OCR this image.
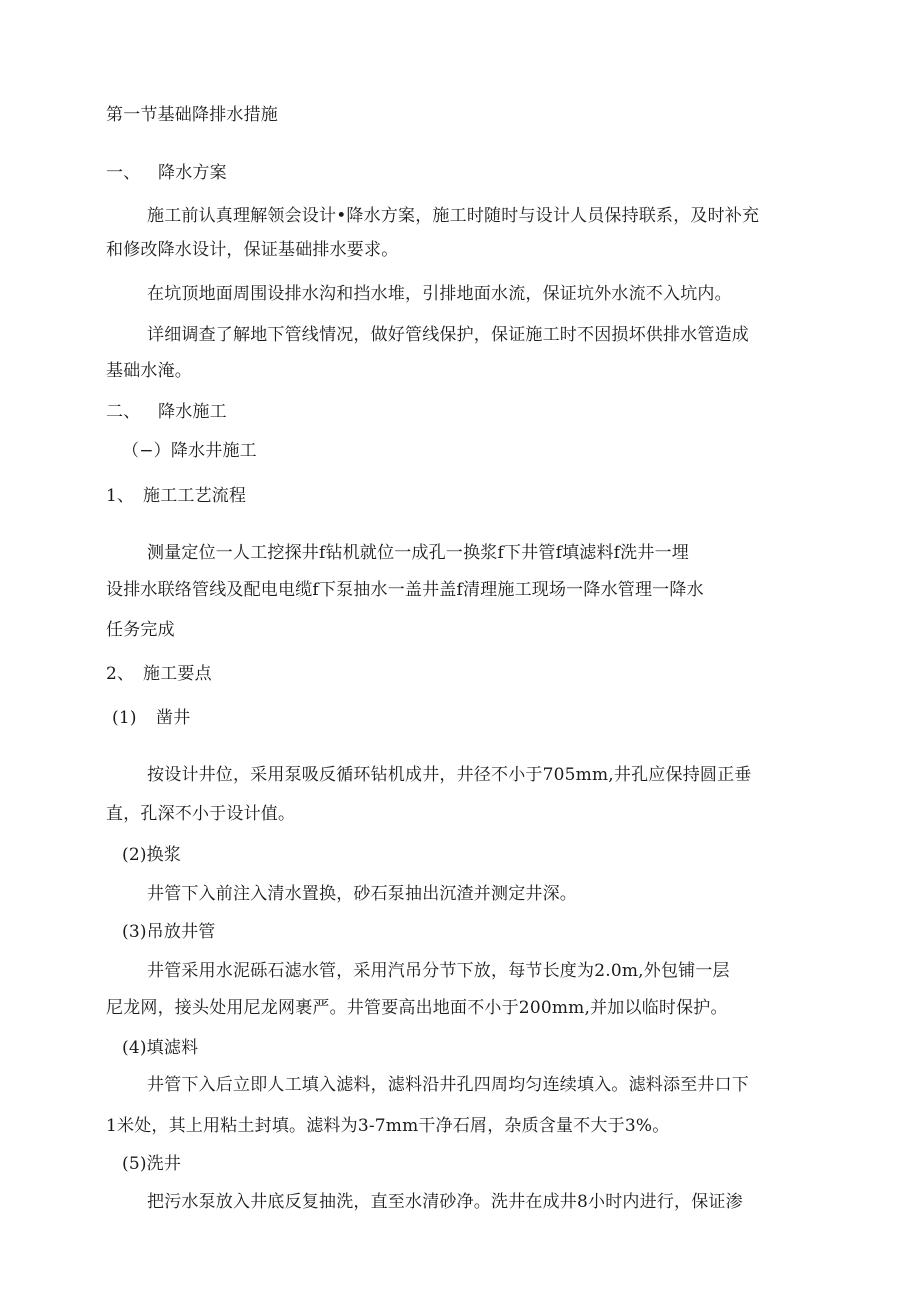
第一节基础降排水措施
一、 降水方案
施工前认真理解领会设计•降水方案，施工时随时与设计人员保持联系，及时补充
和修改降水设计，保证基础排水要求。
在坑顶地面周围设排水沟和挡水堆，引排地面水流，保证坑外水流不入坑内。
详细调查了解地下管线情况，做好管线保护，保证施工时不因损坏供排水管造成
基础水淹。
二、 降水施工
（−）降水井施工
1、 施工工艺流程
测量定位一人工挖探井f钻机就位一成孔一换浆f下井管f填滤料f洗井一埋
设排水联络管线及配电电缆f下泵抽水一盖井盖f清理施工现场一降水管理一降水
任务完成
2、 施工要点
(1) 凿井
按设计井位，采用泵吸反循环钻机成井，井径不小于705mm,井孔应保持圆正垂
直，孔深不小于设计值。
(2)换浆
井管下入前注入清水置换，砂石泵抽出沉渣并测定井深。
(3)吊放井管
井管采用水泥砾石滤水管，采用汽吊分节下放，每节长度为2.0m,外包铺一层
尼龙网，接头处用尼龙网裹严。井管要高出地面不小于200mm,并加以临时保护。
(4)填滤料
井管下入后立即人工填入滤料，滤料沿井孔四周均匀连续填入。滤料添至井口下
1米处，其上用粘土封填。滤料为3-7mm干净石屑，杂质含量不大于3%。
(5)洗井
把污水泵放入井底反复抽洗，直至水清砂净。洗井在成井8小时内进行，保证渗
